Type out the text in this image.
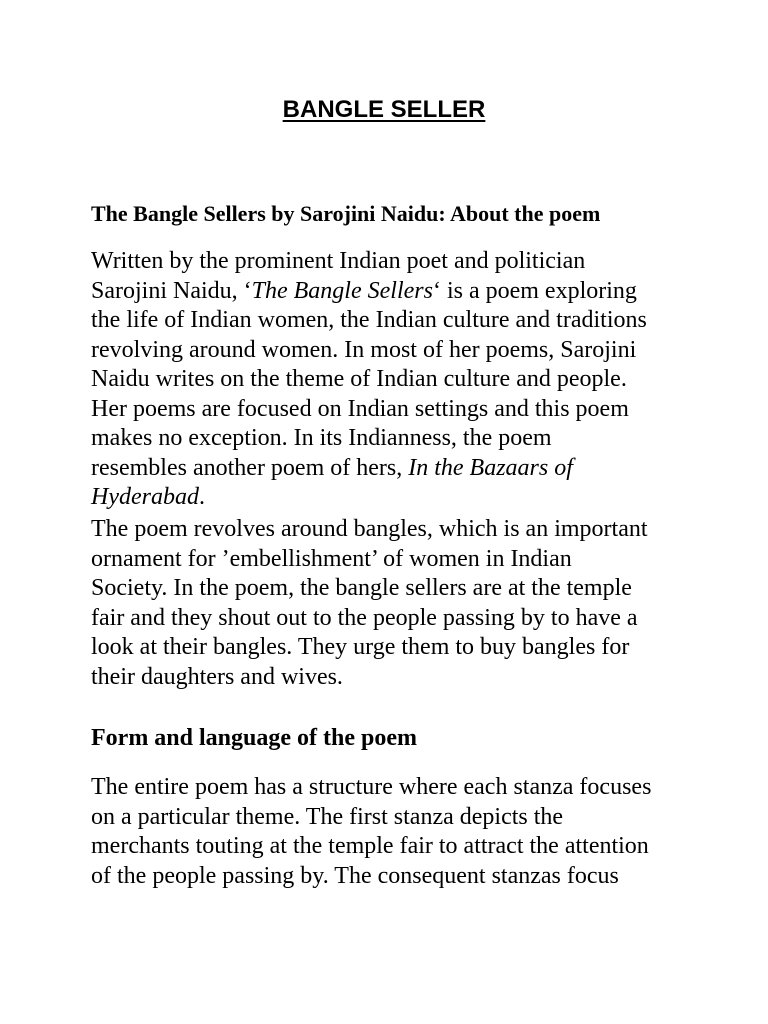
BANGLE SELLER
The Bangle Sellers by Sarojini Naidu: About the poem

Written by the prominent Indian poet and politician
Sarojini Naidu, ‘The Bangle Sellers‘ is a poem exploring
the life of Indian women, the Indian culture and traditions
revolving around women. In most of her poems, Sarojini
Naidu writes on the theme of Indian culture and people.
Her poems are focused on Indian settings and this poem
makes no exception. In its Indianness, the poem
resembles another poem of hers, In the Bazaars of
Hyderabad.

The poem revolves around bangles, which is an important
ornament for ’embellishment’ of women in Indian
Society. In the poem, the bangle sellers are at the temple
fair and they shout out to the people passing by to have a
look at their bangles. They urge them to buy bangles for
their daughters and wives.

Form and language of the poem

The entire poem has a structure where each stanza focuses
on a particular theme. The first stanza depicts the
merchants touting at the temple fair to attract the attention
of the people passing by. The consequent stanzas focus
